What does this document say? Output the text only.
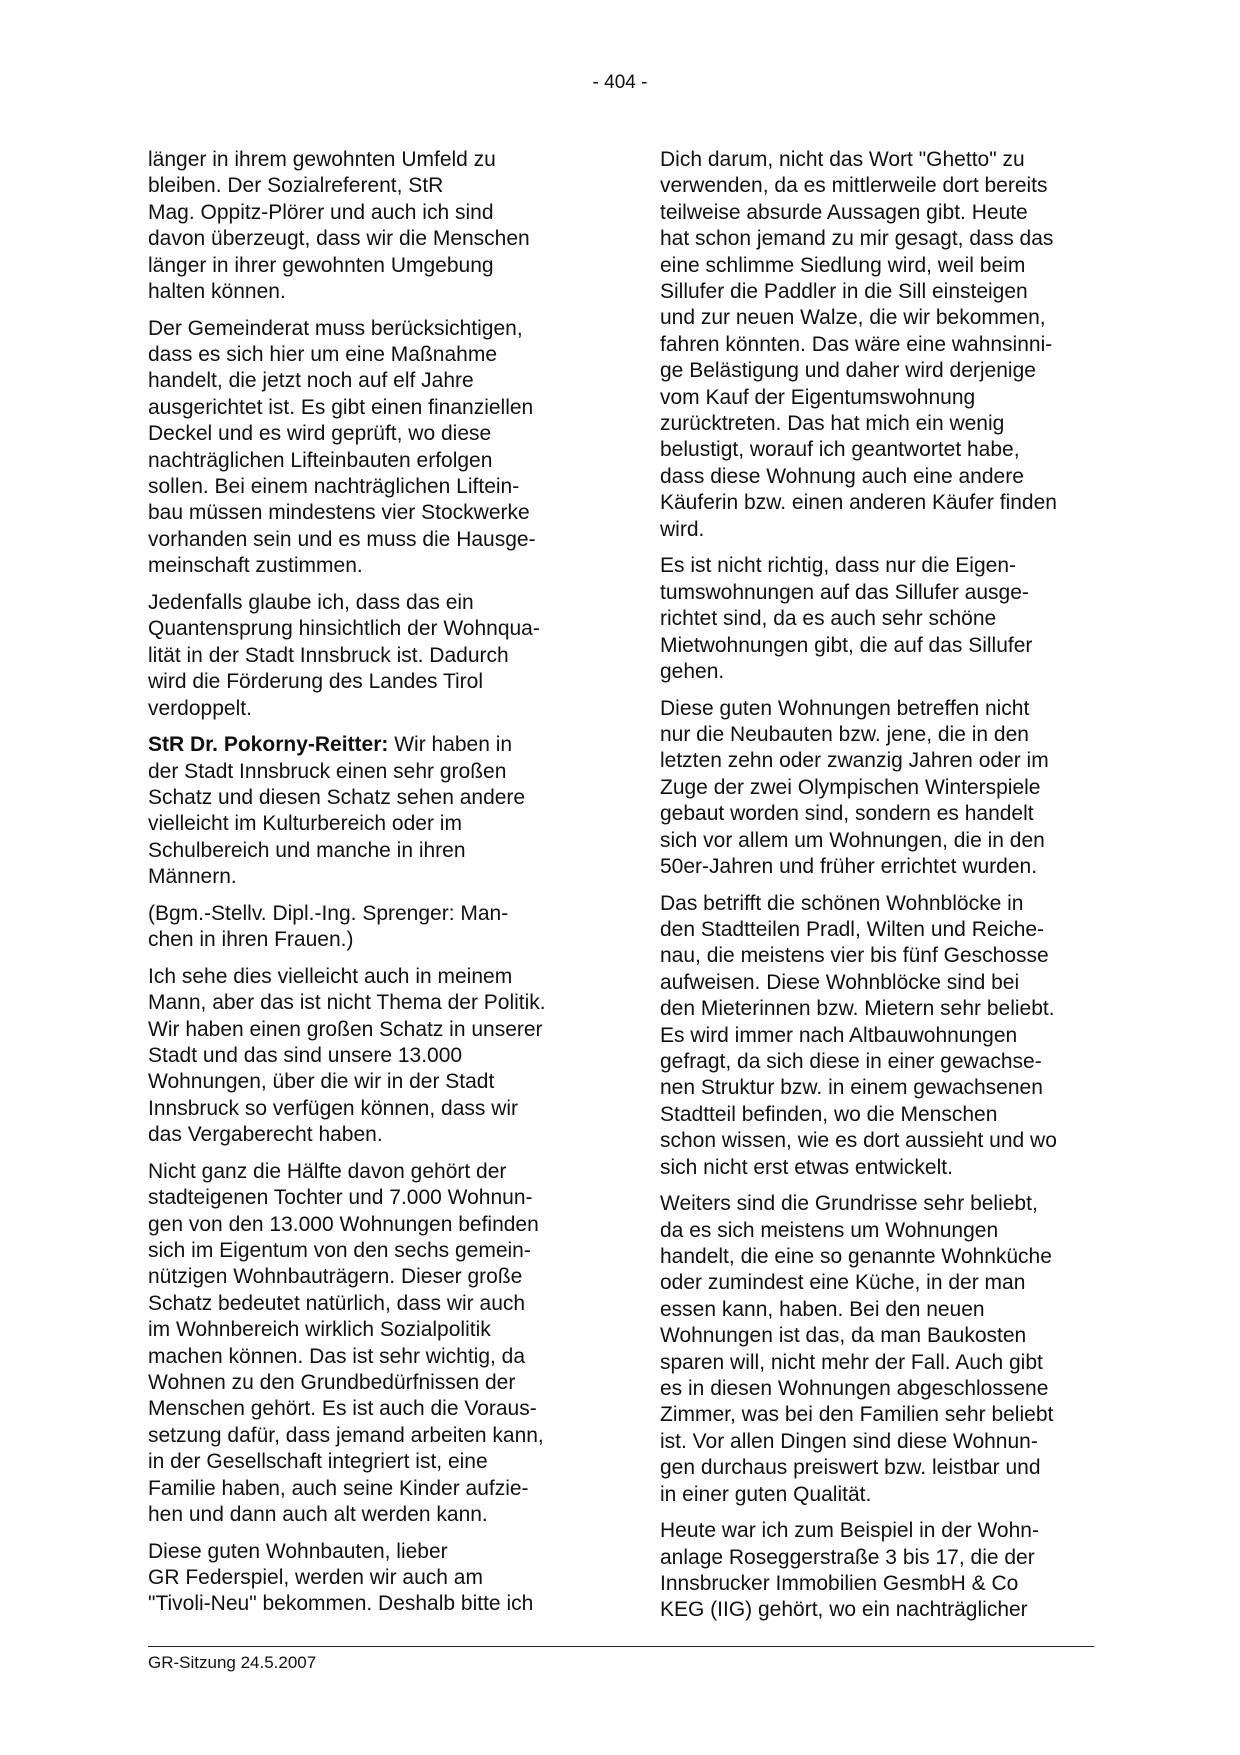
- 404 -

länger in ihrem gewohnten Umfeld zu
bleiben. Der Sozialreferent, StR
Mag. Oppitz-Plörer und auch ich sind
davon überzeugt, dass wir die Menschen
länger in ihrer gewohnten Umgebung
halten können.

Der Gemeinderat muss berücksichtigen,
dass es sich hier um eine Maßnahme
handelt, die jetzt noch auf elf Jahre
ausgerichtet ist. Es gibt einen finanziellen
Deckel und es wird geprüft, wo diese
nachträglichen Lifteinbauten erfolgen
sollen. Bei einem nachträglichen Liftein-
bau müssen mindestens vier Stockwerke
vorhanden sein und es muss die Hausge-
meinschaft zustimmen.

Jedenfalls glaube ich, dass das ein
Quantensprung hinsichtlich der Wohnqua-
lität in der Stadt Innsbruck ist. Dadurch
wird die Förderung des Landes Tirol
verdoppelt.

StR Dr. Pokorny-Reitter: Wir haben in
der Stadt Innsbruck einen sehr großen
Schatz und diesen Schatz sehen andere
vielleicht im Kulturbereich oder im
Schulbereich und manche in ihren
Männern.

(Bgm.-Stellv. Dipl.-Ing. Sprenger: Man-
chen in ihren Frauen.)

Ich sehe dies vielleicht auch in meinem
Mann, aber das ist nicht Thema der Politik.
Wir haben einen großen Schatz in unserer
Stadt und das sind unsere 13.000
Wohnungen, über die wir in der Stadt
Innsbruck so verfügen können, dass wir
das Vergaberecht haben.

Nicht ganz die Hälfte davon gehört der
stadteigenen Tochter und 7.000 Wohnun-
gen von den 13.000 Wohnungen befinden
sich im Eigentum von den sechs gemein-
nützigen Wohnbauträgern. Dieser große
Schatz bedeutet natürlich, dass wir auch
im Wohnbereich wirklich Sozialpolitik
machen können. Das ist sehr wichtig, da
Wohnen zu den Grundbedürfnissen der
Menschen gehört. Es ist auch die Voraus-
setzung dafür, dass jemand arbeiten kann,
in der Gesellschaft integriert ist, eine
Familie haben, auch seine Kinder aufzie-
hen und dann auch alt werden kann.

Diese guten Wohnbauten, lieber
GR Federspiel, werden wir auch am
"Tivoli-Neu" bekommen. Deshalb bitte ich

Dich darum, nicht das Wort "Ghetto" zu
verwenden, da es mittlerweile dort bereits
teilweise absurde Aussagen gibt. Heute
hat schon jemand zu mir gesagt, dass das
eine schlimme Siedlung wird, weil beim
Sillufer die Paddler in die Sill einsteigen
und zur neuen Walze, die wir bekommen,
fahren könnten. Das wäre eine wahnsinni-
ge Belästigung und daher wird derjenige
vom Kauf der Eigentumswohnung
zurücktreten. Das hat mich ein wenig
belustigt, worauf ich geantwortet habe,
dass diese Wohnung auch eine andere
Käuferin bzw. einen anderen Käufer finden
wird.

Es ist nicht richtig, dass nur die Eigen-
tumswohnungen auf das Sillufer ausge-
richtet sind, da es auch sehr schöne
Mietwohnungen gibt, die auf das Sillufer
gehen.

Diese guten Wohnungen betreffen nicht
nur die Neubauten bzw. jene, die in den
letzten zehn oder zwanzig Jahren oder im
Zuge der zwei Olympischen Winterspiele
gebaut worden sind, sondern es handelt
sich vor allem um Wohnungen, die in den
50er-Jahren und früher errichtet wurden.

Das betrifft die schönen Wohnblöcke in
den Stadtteilen Pradl, Wilten und Reiche-
nau, die meistens vier bis fünf Geschosse
aufweisen. Diese Wohnblöcke sind bei
den Mieterinnen bzw. Mietern sehr beliebt.
Es wird immer nach Altbauwohnungen
gefragt, da sich diese in einer gewachse-
nen Struktur bzw. in einem gewachsenen
Stadtteil befinden, wo die Menschen
schon wissen, wie es dort aussieht und wo
sich nicht erst etwas entwickelt.

Weiters sind die Grundrisse sehr beliebt,
da es sich meistens um Wohnungen
handelt, die eine so genannte Wohnküche
oder zumindest eine Küche, in der man
essen kann, haben. Bei den neuen
Wohnungen ist das, da man Baukosten
sparen will, nicht mehr der Fall. Auch gibt
es in diesen Wohnungen abgeschlossene
Zimmer, was bei den Familien sehr beliebt
ist. Vor allen Dingen sind diese Wohnun-
gen durchaus preiswert bzw. leistbar und
in einer guten Qualität.

Heute war ich zum Beispiel in der Wohn-
anlage Roseggerstraße 3 bis 17, die der
Innsbrucker Immobilien GesmbH & Co
KEG (IIG) gehört, wo ein nachträglicher

GR-Sitzung 24.5.2007
